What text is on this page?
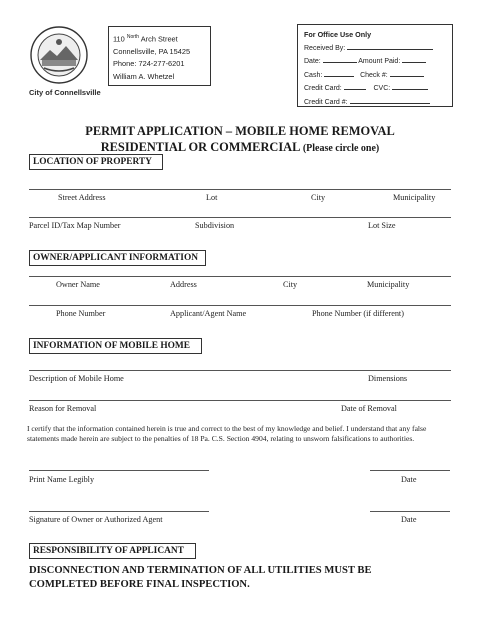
City of Connellsville
110 $^{North}$ Arch Street
Connellsville, PA 15425
Phone: 724-277-6201
William A. Whetzel
For Office Use Only
Received By:
Date:	Amount Paid:
Cash:	Check #:
Credit Card:	CVC:
Credit Card #:
PERMIT APPLICATION – MOBILE HOME REMOVAL
RESIDENTIAL OR COMMERCIAL (Please circle one)
LOCATION OF PROPERTY
Street Address	Lot	City	Municipality
Parcel ID/Tax Map Number	Subdivision	Lot Size
OWNER/APPLICANT INFORMATION
Owner Name	Address	City	Municipality
Phone Number	Applicant/Agent Name	Phone Number (if different)
INFORMATION OF MOBILE HOME
Description of Mobile Home	Dimensions
Reason for Removal	Date of Removal
I certify that the information contained herein is true and correct to the best of my knowledge and belief. I understand that any false statements made herein are subject to the penalties of 18 Pa. C.S. Section 4904, relating to unsworn falsifications to authorities.
Print Name Legibly	Date
Signature of Owner or Authorized Agent	Date
RESPONSIBILITY OF APPLICANT
DISCONNECTION AND TERMINATION OF ALL UTILITIES MUST BE
COMPLETED BEFORE FINAL INSPECTION.
